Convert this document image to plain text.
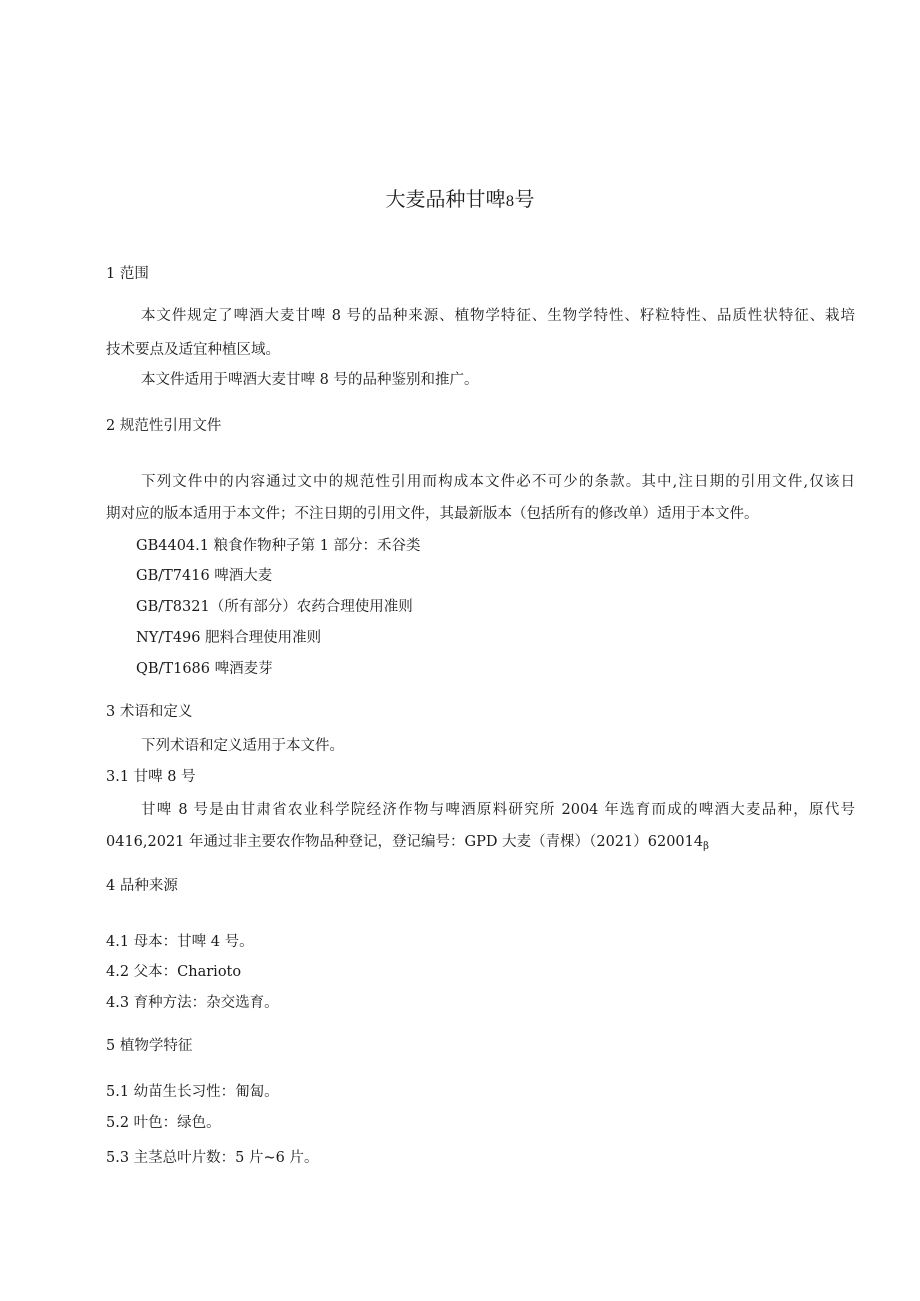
大麦品种甘啤8号

1 范围

本文件规定了啤酒大麦甘啤 8 号的品种来源、植物学特征、生物学特性、籽粒特性、品质性状特征、栽培

技术要点及适宜种植区域。

本文件适用于啤酒大麦甘啤 8 号的品种鉴别和推广。

2 规范性引用文件

下列文件中的内容通过文中的规范性引用而构成本文件必不可少的条款。其中,注日期的引用文件,仅该日

期对应的版本适用于本文件；不注日期的引用文件，其最新版本（包括所有的修改单）适用于本文件。

GB4404.1 粮食作物种子第 1 部分：禾谷类

GB/T7416 啤酒大麦

GB/T8321（所有部分）农药合理使用准则

NY/T496 肥料合理使用准则

QB/T1686 啤酒麦芽

3 术语和定义

下列术语和定义适用于本文件。

3.1 甘啤 8 号

甘啤 8 号是由甘肃省农业科学院经济作物与啤酒原料研究所 2004 年选育而成的啤酒大麦品种，原代号

0416,2021 年通过非主要农作物品种登记，登记编号：GPD 大麦（青棵）$(2021)620014_\beta$

4 品种来源

4.1 母本：甘啤 4 号。

4.2 父本：Charioto

4.3 育种方法：杂交选育。

5 植物学特征

5.1 幼苗生长习性：匍匐。

5.2 叶色：绿色。

5.3 主茎总叶片数：5 片~6 片。
